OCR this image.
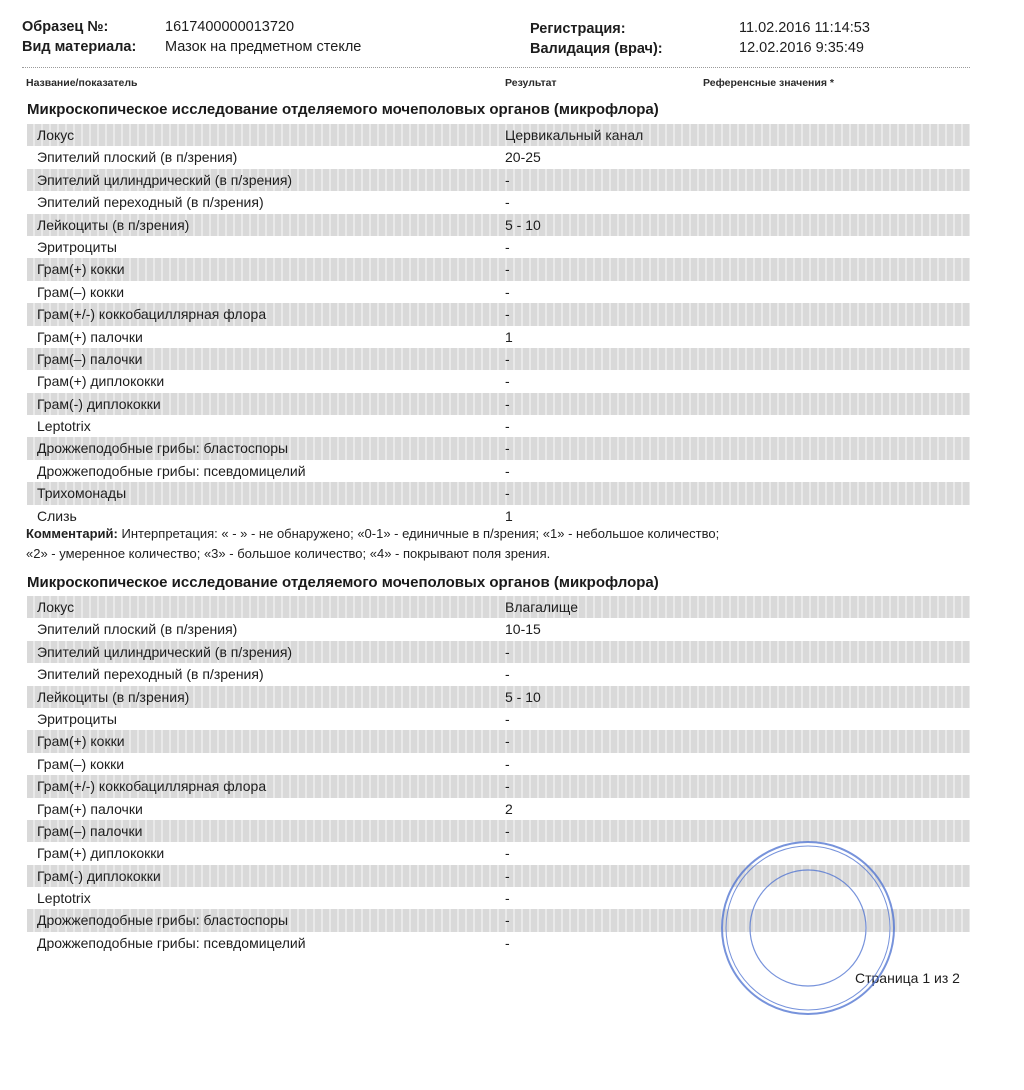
Образец №:	1617400000013720
Вид материала: Мазок на предметном стекле
Регистрация:	11.02.2016 11:14:53
Валидация (врач):	12.02.2016 9:35:49
Название/показатель	Результат	Референсные значения *
Микроскопическое исследование отделяемого мочеполовых органов (микрофлора)
Локус	Цервикальный канал
Эпителий плоский (в п/зрения)	20-25
Эпителий цилиндрический (в п/зрения)	-
Эпителий переходный (в п/зрения)	-
Лейкоциты (в п/зрения)	5 - 10
Эритроциты	-
Грам(+) кокки	-
Грам(–) кокки	-
Грам(+/-) коккобациллярная флора	-
Грам(+) палочки	1
Грам(–) палочки	-
Грам(+) диплококки	-
Грам(-) диплококки	-
Leptotrix	-
Дрожжеподобные грибы: бластоспоры	-
Дрожжеподобные грибы: псевдомицелий	-
Трихомонады	-
Слизь	1
Комментарий: Интерпретация: « - » - не обнаружено; «0-1» - единичные в п/зрения; «1» - небольшое количество;
«2» - умеренное количество; «3» - большое количество; «4» - покрывают поля зрения.
Микроскопическое исследование отделяемого мочеполовых органов (микрофлора)
Локус	Влагалище
Эпителий плоский (в п/зрения)	10-15
Эпителий цилиндрический (в п/зрения)	-
Эпителий переходный (в п/зрения)	-
Лейкоциты (в п/зрения)	5 - 10
Эритроциты	-
Грам(+) кокки	-
Грам(–) кокки	-
Грам(+/-) коккобациллярная флора	-
Грам(+) палочки	2
Грам(–) палочки	-
Грам(+) диплококки	-
Грам(-) диплококки	-
Leptotrix	-
Дрожжеподобные грибы: бластоспоры	-
Дрожжеподобные грибы: псевдомицелий	-
Страница 1 из 2
